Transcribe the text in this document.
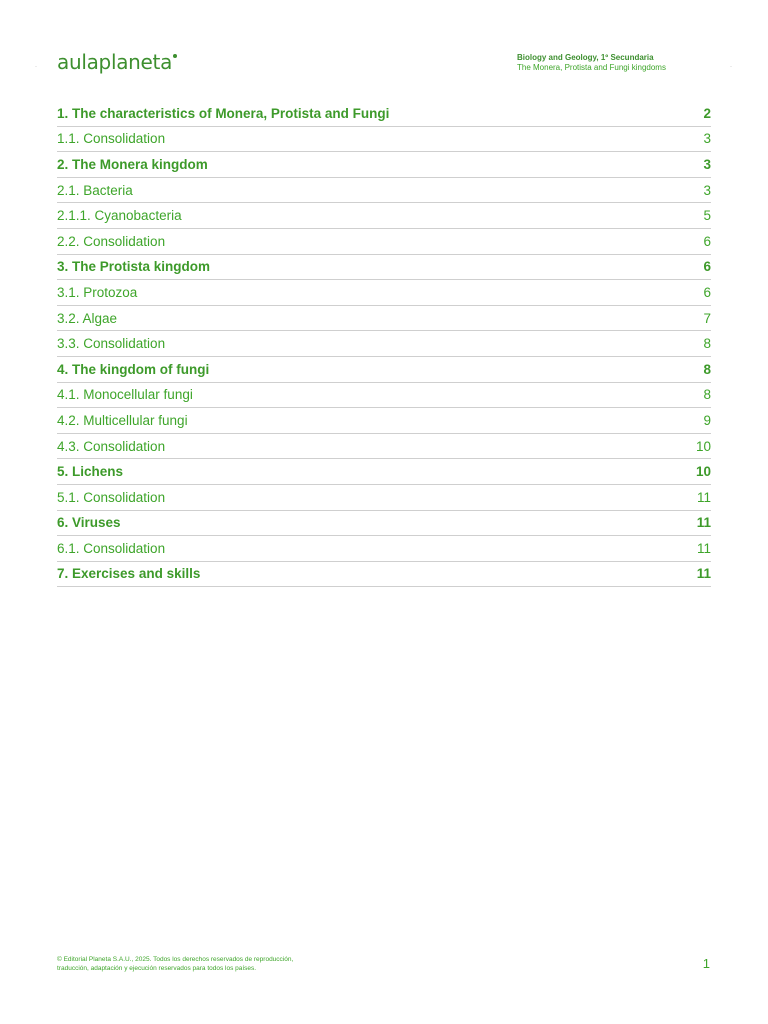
aulaplaneta
·	·
Biology and Geology, 1º Secundaria
The Monera, Protista and Fungi kingdoms
1. The characteristics of Monera, Protista and Fungi	2
1.1. Consolidation	3
2. The Monera kingdom	3
2.1. Bacteria	3
2.1.1. Cyanobacteria	5
2.2. Consolidation	6
3. The Protista kingdom	6
3.1. Protozoa	6
3.2. Algae	7
3.3. Consolidation	8
4. The kingdom of fungi	8
4.1. Monocellular fungi	8
4.2. Multicellular fungi	9
4.3. Consolidation	10
5. Lichens	10
5.1. Consolidation	11
6. Viruses	11
6.1. Consolidation	11
7. Exercises and skills	11
© Editorial Planeta S.A.U., 2025. Todos los derechos reservados de reproducción,
traducción, adaptación y ejecución reservados para todos los países.	1
